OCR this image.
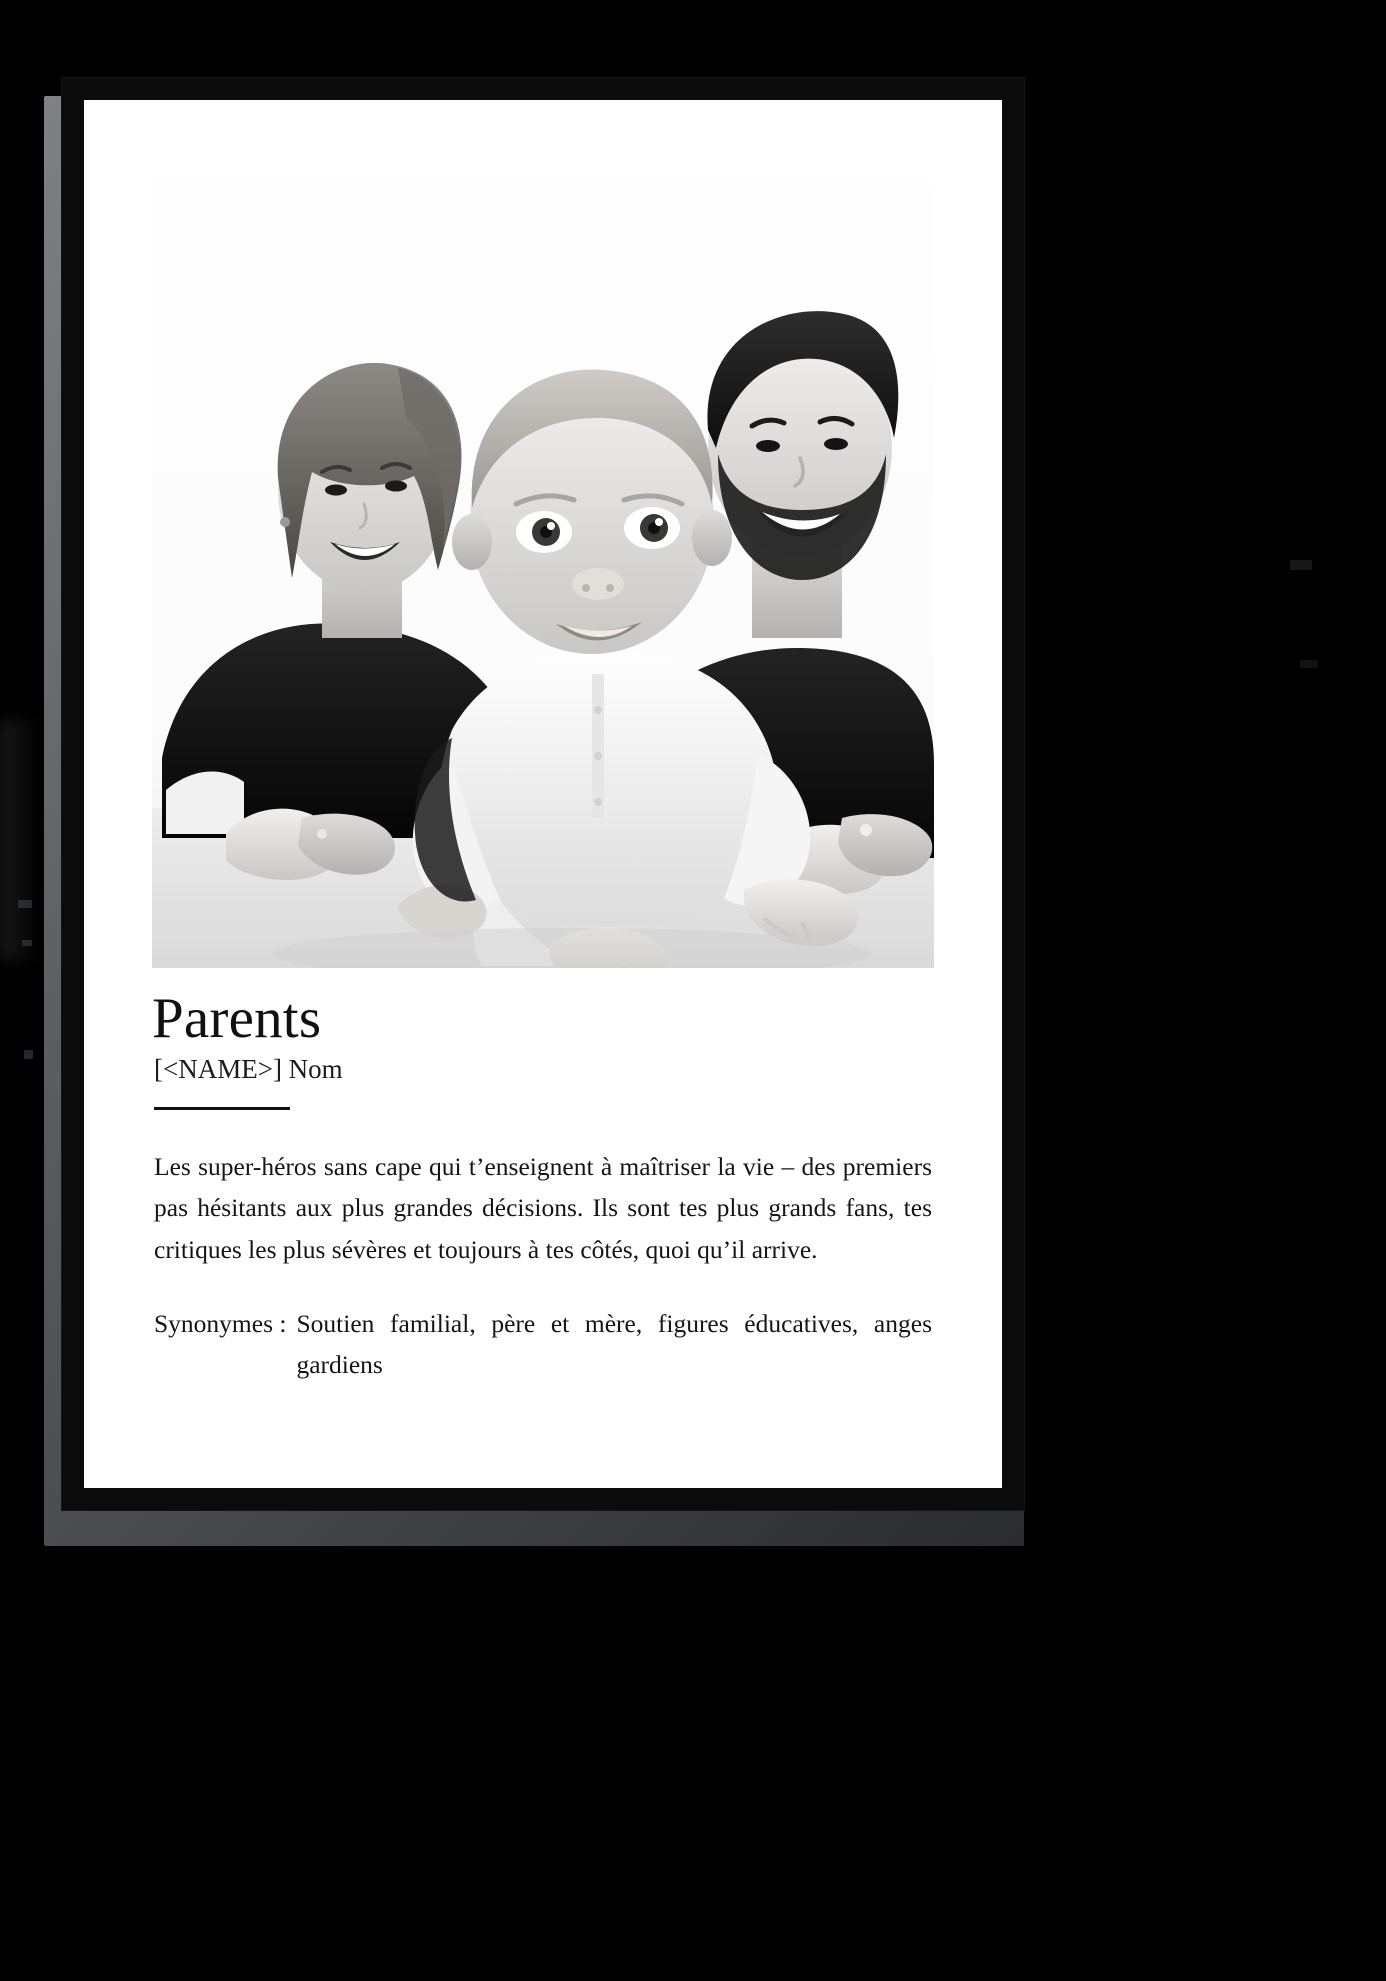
Parents
[<NAME>] Nom

Les super-héros sans cape qui t’enseignent à maîtriser la vie – des premiers pas hésitants aux plus grandes décisions. Ils sont tes plus grands fans, tes critiques les plus sévères et toujours à tes côtés, quoi qu’il arrive.

Synonymes : Soutien familial, père et mère, figures éducatives, anges gardiens
